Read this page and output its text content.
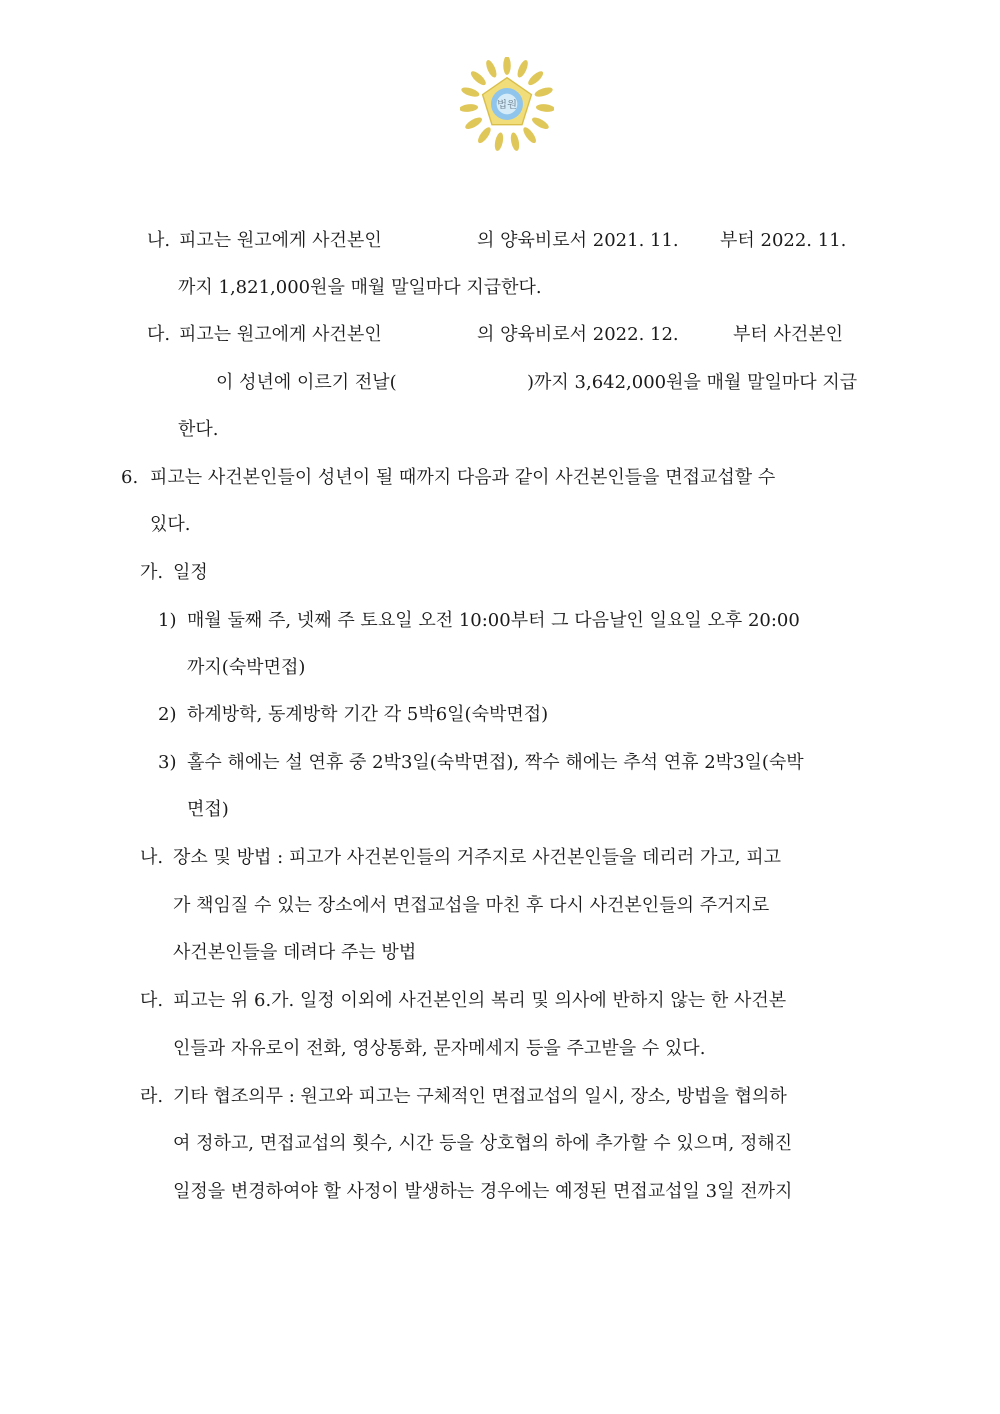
법원

나.

피고는 원고에게 사건본인

	의 양육비로서 2021. 11.

부터 2022. 11.

까지 1,821,000원을 매월 말일마다 지급한다.

다.

피고는 원고에게 사건본인

	의 양육비로서 2022. 12.

	부터 사건본인

이 성년에 이르기 전날(

	)까지 3,642,000원을 매월 말일마다 지급

한다.

6.

피고는 사건본인들이 성년이 될 때까지 다음과 같이 사건본인들을 면접교섭할 수

있다.

가.

일정

1)

매월 둘째 주, 넷째 주 토요일 오전 10:00부터 그 다음날인 일요일 오후 20:00

까지(숙박면접)

2)

하계방학, 동계방학 기간 각 5박6일(숙박면접)

3)

홀수 해에는 설 연휴 중 2박3일(숙박면접), 짝수 해에는 추석 연휴 2박3일(숙박

면접)

나.

장소 및 방법 : 피고가 사건본인들의 거주지로 사건본인들을 데리러 가고, 피고

가 책임질 수 있는 장소에서 면접교섭을 마친 후 다시 사건본인들의 주거지로

사건본인들을 데려다 주는 방법

다.

피고는 위 6.가. 일정 이외에 사건본인의 복리 및 의사에 반하지 않는 한 사건본

인들과 자유로이 전화, 영상통화, 문자메세지 등을 주고받을 수 있다.

라.

기타 협조의무 : 원고와 피고는 구체적인 면접교섭의 일시, 장소, 방법을 협의하

여 정하고, 면접교섭의 횟수, 시간 등을 상호협의 하에 추가할 수 있으며, 정해진

일정을 변경하여야 할 사정이 발생하는 경우에는 예정된 면접교섭일 3일 전까지
